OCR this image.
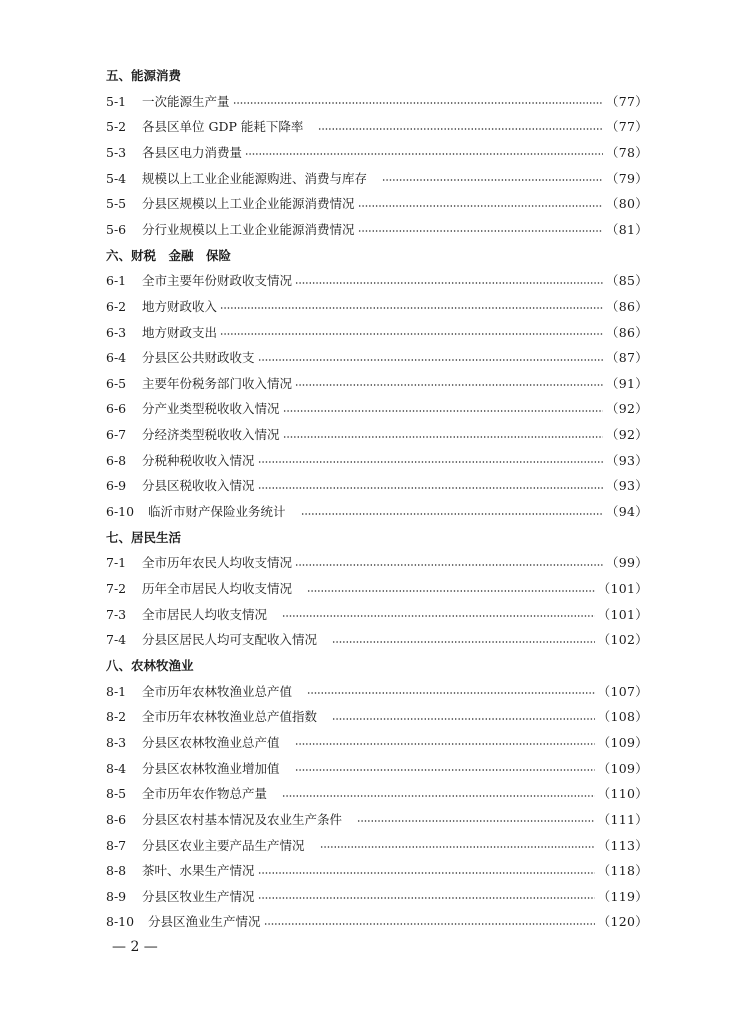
五、能源消费
5-1	一次能源生产量	（77）
5-2	各县区单位 GDP 能耗下降率	（77）
5-3	各县区电力消费量	（78）
5-4	规模以上工业企业能源购进、消费与库存	（79）
5-5	分县区规模以上工业企业能源消费情况	（80）
5-6	分行业规模以上工业企业能源消费情况	（81）
六、财税　金融　保险
6-1	全市主要年份财政收支情况	（85）
6-2	地方财政收入	（86）
6-3	地方财政支出	（86）
6-4	分县区公共财政收支	（87）
6-5	主要年份税务部门收入情况	（91）
6-6	分产业类型税收收入情况	（92）
6-7	分经济类型税收收入情况	（92）
6-8	分税种税收收入情况	（93）
6-9	分县区税收收入情况	（93）
6-10	临沂市财产保险业务统计	（94）
七、居民生活
7-1	全市历年农民人均收支情况	（99）
7-2	历年全市居民人均收支情况	（101）
7-3	全市居民人均收支情况	（101）
7-4	分县区居民人均可支配收入情况	（102）
八、农林牧渔业
8-1	全市历年农林牧渔业总产值	（107）
8-2	全市历年农林牧渔业总产值指数	（108）
8-3	分县区农林牧渔业总产值	（109）
8-4	分县区农林牧渔业增加值	（109）
8-5	全市历年农作物总产量	（110）
8-6	分县区农村基本情况及农业生产条件	（111）
8-7	分县区农业主要产品生产情况	（113）
8-8	茶叶、水果生产情况	（118）
8-9	分县区牧业生产情况	（119）
8-10	分县区渔业生产情况	（120）
— 2 —
